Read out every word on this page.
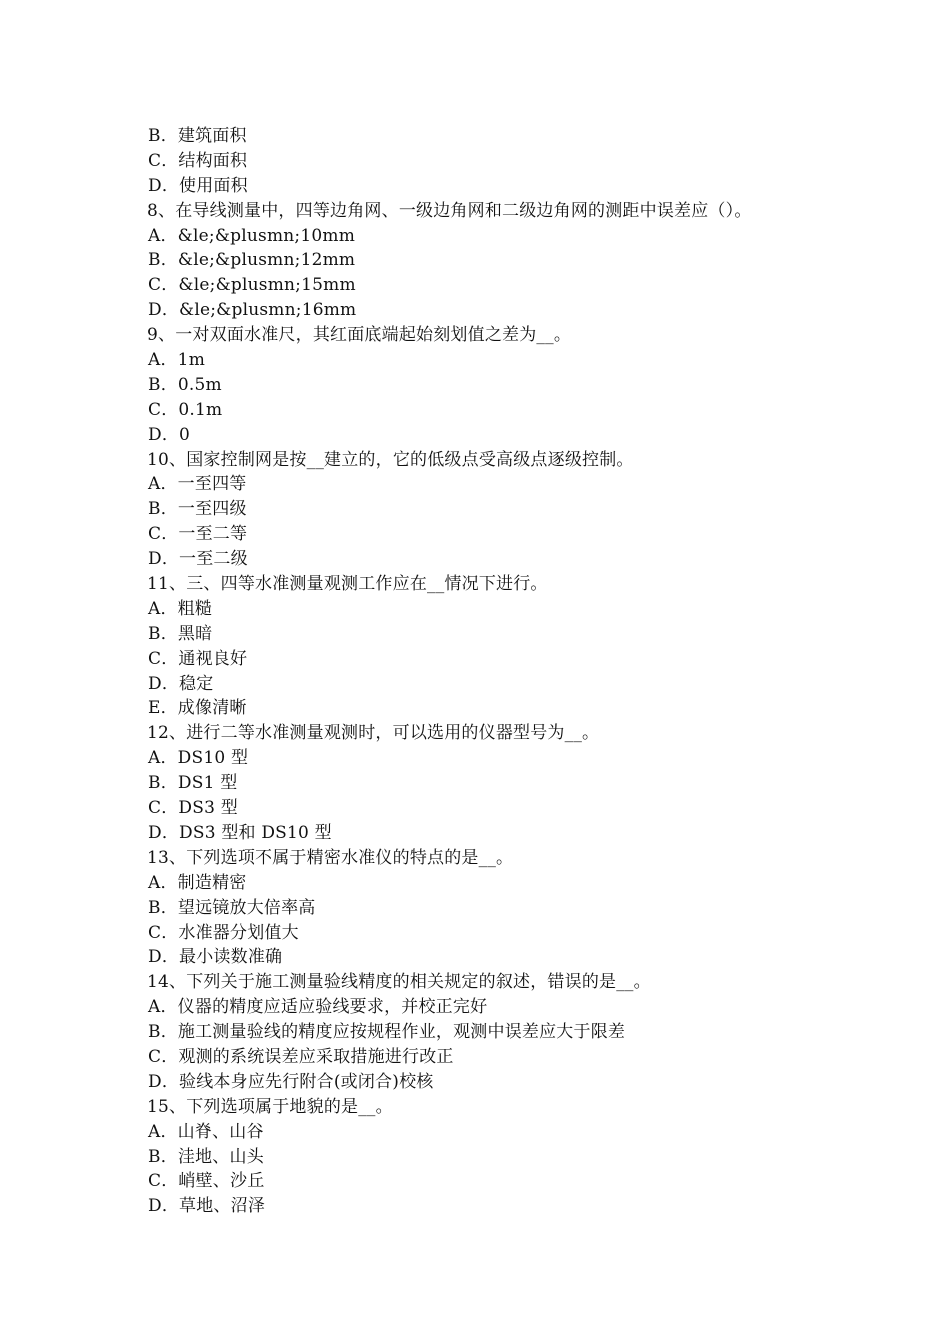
B．建筑面积
C．结构面积
D．使用面积
8、在导线测量中，四等边角网、一级边角网和二级边角网的测距中误差应（）。
A．&le;&plusmn;10mm
B．&le;&plusmn;12mm
C．&le;&plusmn;15mm
D．&le;&plusmn;16mm
9、一对双面水准尺，其红面底端起始刻划值之差为__。
A．1m
B．0.5m
C．0.1m
D．0
10、国家控制网是按__建立的，它的低级点受高级点逐级控制。
A．一至四等
B．一至四级
C．一至二等
D．一至二级
11、三、四等水准测量观测工作应在__情况下进行。
A．粗糙
B．黑暗
C．通视良好
D．稳定
E．成像清晰
12、进行二等水准测量观测时，可以选用的仪器型号为__。
A．DS10 型
B．DS1 型
C．DS3 型
D．DS3 型和 DS10 型
13、下列选项不属于精密水准仪的特点的是__。
A．制造精密
B．望远镜放大倍率高
C．水准器分划值大
D．最小读数准确
14、下列关于施工测量验线精度的相关规定的叙述，错误的是__。
A．仪器的精度应适应验线要求，并校正完好
B．施工测量验线的精度应按规程作业，观测中误差应大于限差
C．观测的系统误差应采取措施进行改正
D．验线本身应先行附合(或闭合)校核
15、下列选项属于地貌的是__。
A．山脊、山谷
B．洼地、山头
C．峭壁、沙丘
D．草地、沼泽
